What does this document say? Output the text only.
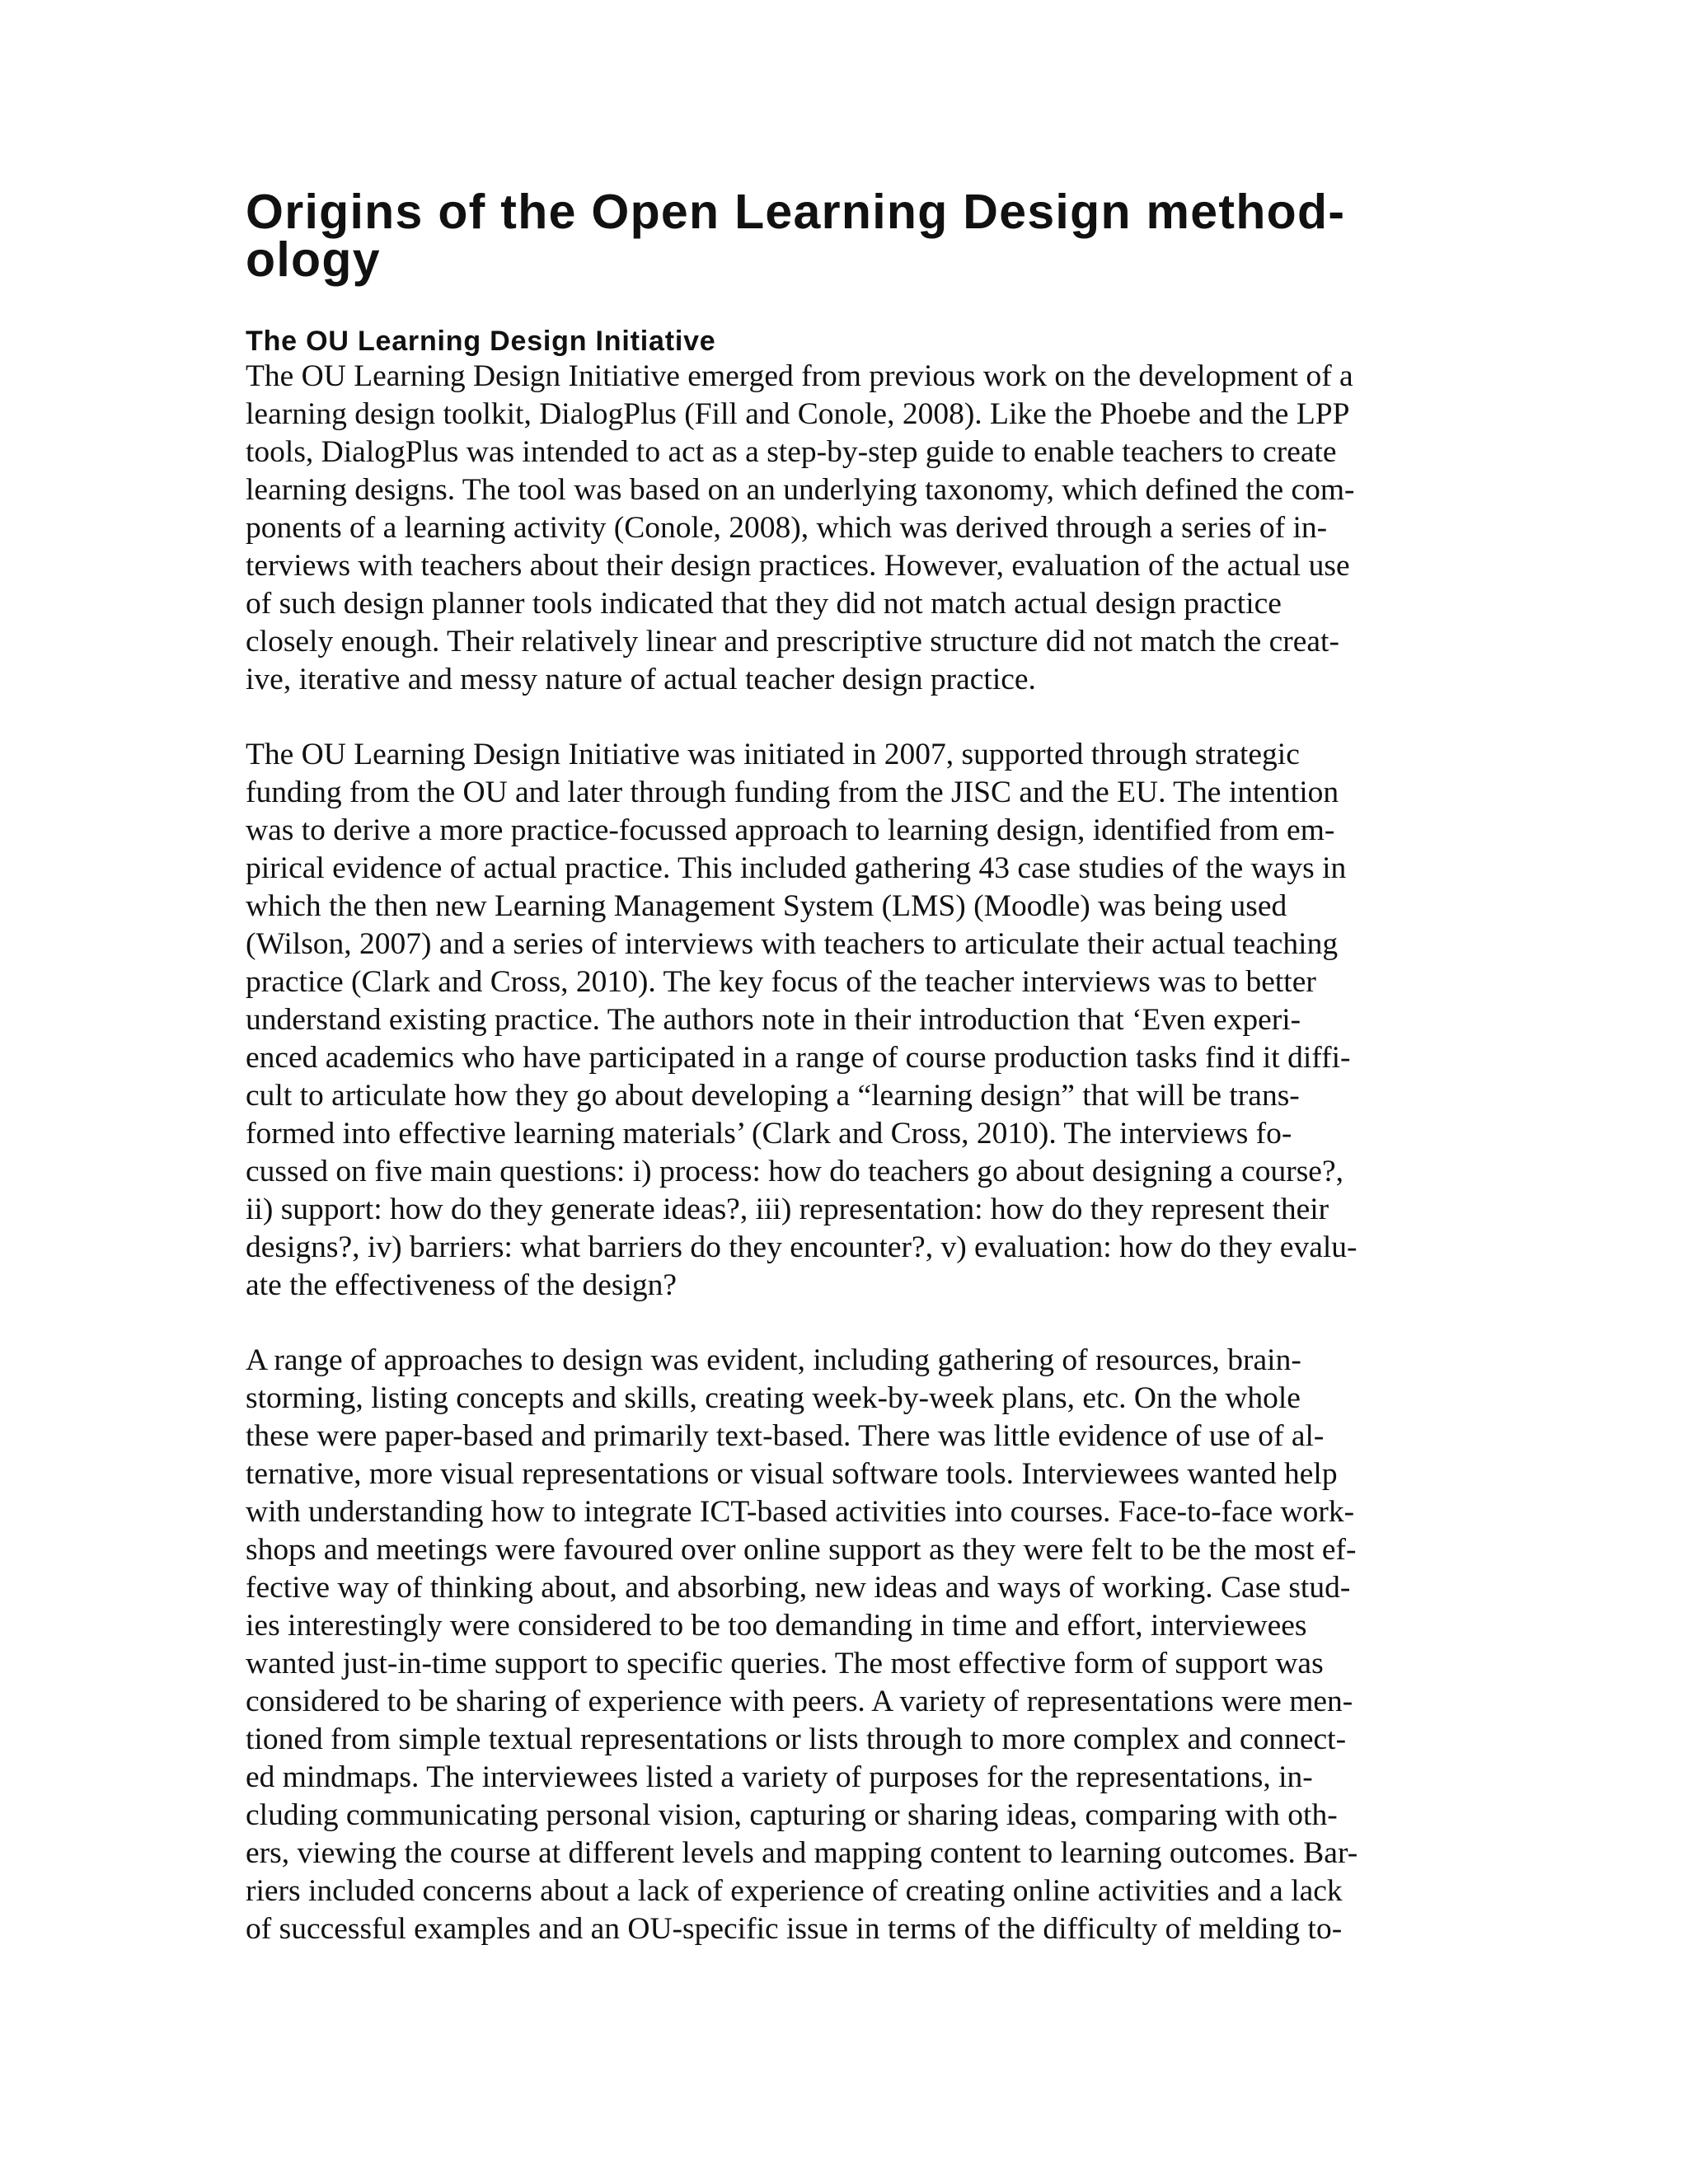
Origins of the Open Learning Design method-
ology
The OU Learning Design Initiative

The OU Learning Design Initiative emerged from previous work on the development of a
learning design toolkit, DialogPlus (Fill and Conole, 2008). Like the Phoebe and the LPP
tools, DialogPlus was intended to act as a step-by-step guide to enable teachers to create
learning designs. The tool was based on an underlying taxonomy, which defined the com-
ponents of a learning activity (Conole, 2008), which was derived through a series of in-
terviews with teachers about their design practices. However, evaluation of the actual use
of such design planner tools indicated that they did not match actual design practice
closely enough. Their relatively linear and prescriptive structure did not match the creat-
ive, iterative and messy nature of actual teacher design practice.

The OU Learning Design Initiative was initiated in 2007, supported through strategic
funding from the OU and later through funding from the JISC and the EU. The intention
was to derive a more practice-focussed approach to learning design, identified from em-
pirical evidence of actual practice. This included gathering 43 case studies of the ways in
which the then new Learning Management System (LMS) (Moodle) was being used
(Wilson, 2007) and a series of interviews with teachers to articulate their actual teaching
practice (Clark and Cross, 2010). The key focus of the teacher interviews was to better
understand existing practice. The authors note in their introduction that ‘Even experi-
enced academics who have participated in a range of course production tasks find it diffi-
cult to articulate how they go about developing a “learning design” that will be trans-
formed into effective learning materials’ (Clark and Cross, 2010). The interviews fo-
cussed on five main questions: i) process: how do teachers go about designing a course?,
ii) support: how do they generate ideas?, iii) representation: how do they represent their
designs?, iv) barriers: what barriers do they encounter?, v) evaluation: how do they evalu-
ate the effectiveness of the design?

A range of approaches to design was evident, including gathering of resources, brain-
storming, listing concepts and skills, creating week-by-week plans, etc. On the whole
these were paper-based and primarily text-based. There was little evidence of use of al-
ternative, more visual representations or visual software tools. Interviewees wanted help
with understanding how to integrate ICT-based activities into courses. Face-to-face work-
shops and meetings were favoured over online support as they were felt to be the most ef-
fective way of thinking about, and absorbing, new ideas and ways of working. Case stud-
ies interestingly were considered to be too demanding in time and effort, interviewees
wanted just-in-time support to specific queries. The most effective form of support was
considered to be sharing of experience with peers. A variety of representations were men-
tioned from simple textual representations or lists through to more complex and connect-
ed mindmaps. The interviewees listed a variety of purposes for the representations, in-
cluding communicating personal vision, capturing or sharing ideas, comparing with oth-
ers, viewing the course at different levels and mapping content to learning outcomes. Bar-
riers included concerns about a lack of experience of creating online activities and a lack
of successful examples and an OU-specific issue in terms of the difficulty of melding to-
